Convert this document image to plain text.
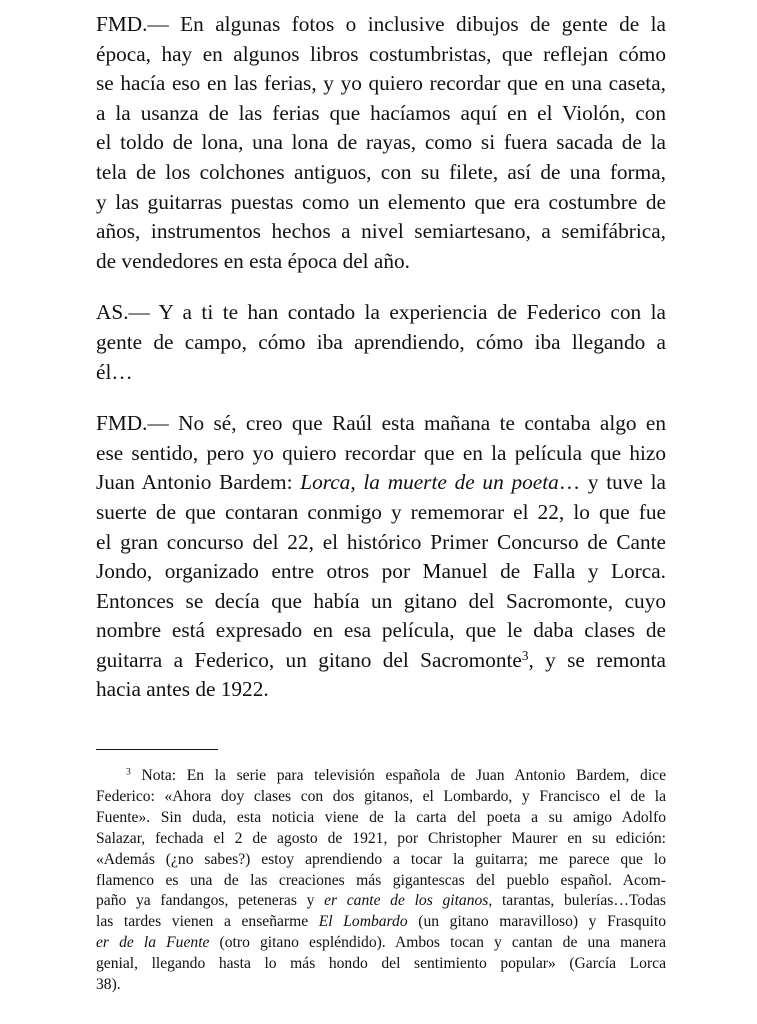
FMD.— En algunas fotos o inclusive dibujos de gente de la
época, hay en algunos libros costumbristas, que reflejan cómo
se hacía eso en las ferias, y yo quiero recordar que en una caseta,
a la usanza de las ferias que hacíamos aquí en el Violón, con
el toldo de lona, una lona de rayas, como si fuera sacada de la
tela de los colchones antiguos, con su filete, así de una forma,
y las guitarras puestas como un elemento que era costumbre de
años, instrumentos hechos a nivel semiartesano, a semifábrica,
de vendedores en esta época del año.

AS.— Y a ti te han contado la experiencia de Federico con la
gente de campo, cómo iba aprendiendo, cómo iba llegando a
él…

FMD.— No sé, creo que Raúl esta mañana te contaba algo en
ese sentido, pero yo quiero recordar que en la película que hizo
Juan Antonio Bardem: Lorca, la muerte de un poeta… y tuve la
suerte de que contaran conmigo y rememorar el 22, lo que fue
el gran concurso del 22, el histórico Primer Concurso de Cante
Jondo, organizado entre otros por Manuel de Falla y Lorca.
Entonces se decía que había un gitano del Sacromonte, cuyo
nombre está expresado en esa película, que le daba clases de
guitarra a Federico, un gitano del Sacromonte$^3$, y se remonta
hacia antes de 1922.

$^3$ Nota: En la serie para televisión española de Juan Antonio Bardem, dice
Federico: «Ahora doy clases con dos gitanos, el Lombardo, y Francisco el de la
Fuente». Sin duda, esta noticia viene de la carta del poeta a su amigo Adolfo
Salazar, fechada el 2 de agosto de 1921, por Christopher Maurer en su edición:
«Además (¿no sabes?) estoy aprendiendo a tocar la guitarra; me parece que lo
flamenco es una de las creaciones más gigantescas del pueblo español. Acom-
paño ya fandangos, peteneras y er cante de los gitanos, tarantas, bulerías…Todas
las tardes vienen a enseñarme El Lombardo (un gitano maravilloso) y Frasquito
er de la Fuente (otro gitano espléndido). Ambos tocan y cantan de una manera
genial, llegando hasta lo más hondo del sentimiento popular» (García Lorca
38).
